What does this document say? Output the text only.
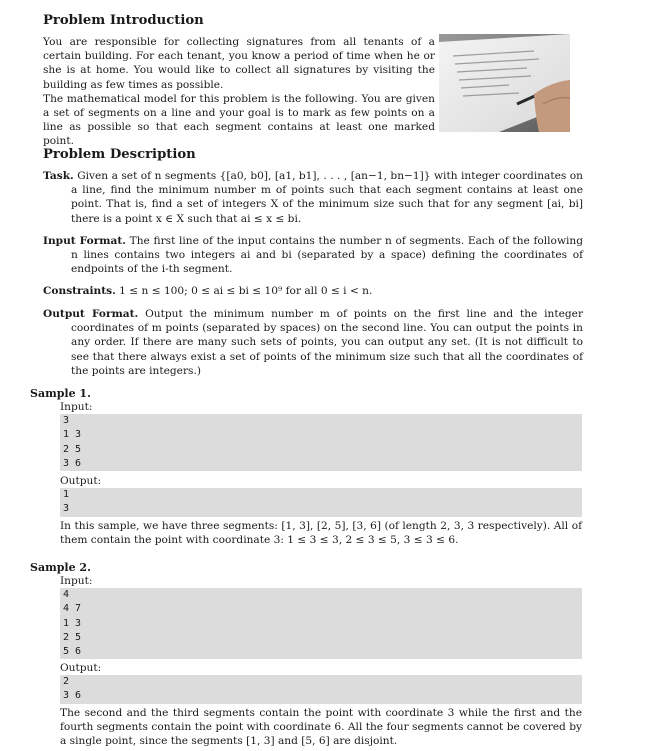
Problem Introduction
You are responsible for collecting signatures from all tenants of a certain building. For each tenant, you know a period of time when he or she is at home. You would like to collect all signatures by visiting the building as few times as possible.
The mathematical model for this problem is the following. You are given a set of segments on a line and your goal is to mark as few points on a line as possible so that each segment contains at least one marked point.
Problem Description
Task. Given a set of n segments {[a0, b0], [a1, b1], . . . , [an−1, bn−1]} with integer coordinates on a line, find the minimum number m of points such that each segment contains at least one point. That is, find a set of integers X of the minimum size such that for any segment [ai, bi] there is a point x ∈ X such that ai ≤ x ≤ bi.
Input Format. The first line of the input contains the number n of segments. Each of the following n lines contains two integers ai and bi (separated by a space) defining the coordinates of endpoints of the i-th segment.
Constraints. 1 ≤ n ≤ 100; 0 ≤ ai ≤ bi ≤ 10⁹ for all 0 ≤ i < n.
Output Format. Output the minimum number m of points on the first line and the integer coordinates of m points (separated by spaces) on the second line. You can output the points in any order. If there are many such sets of points, you can output any set. (It is not difficult to see that there always exist a set of points of the minimum size such that all the coordinates of the points are integers.)
Sample 1.
Input:
3
1 3
2 5
3 6
Output:
1
3
In this sample, we have three segments: [1, 3], [2, 5], [3, 6] (of length 2, 3, 3 respectively). All of them contain the point with coordinate 3: 1 ≤ 3 ≤ 3, 2 ≤ 3 ≤ 5, 3 ≤ 3 ≤ 6.
Sample 2.
Input:
4
4 7
1 3
2 5
5 6
Output:
2
3 6
The second and the third segments contain the point with coordinate 3 while the first and the fourth segments contain the point with coordinate 6. All the four segments cannot be covered by a single point, since the segments [1, 3] and [5, 6] are disjoint.
